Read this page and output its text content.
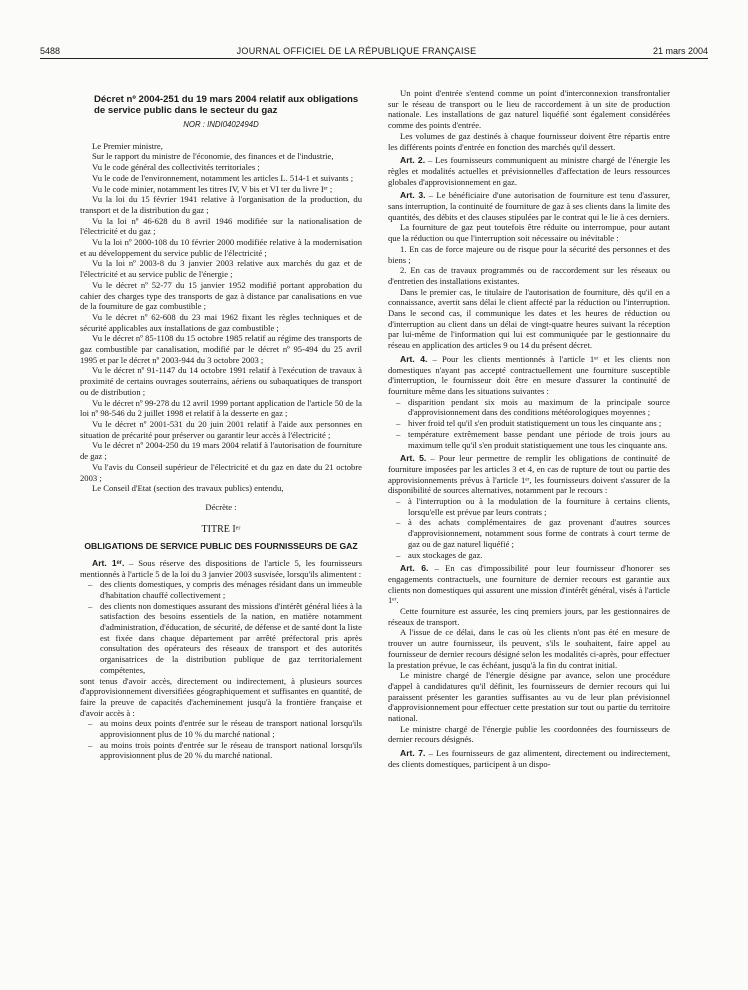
5488	JOURNAL OFFICIEL DE LA RÉPUBLIQUE FRANÇAISE	21 mars 2004

Décret nº 2004-251 du 19 mars 2004 relatif aux obligations de service public dans le secteur du gaz

NOR : INDI0402494D

Le Premier ministre,

Sur le rapport du ministre de l'économie, des finances et de l'industrie,

Vu le code général des collectivités territoriales ;

Vu le code de l'environnement, notamment les articles L. 514-1 et suivants ;

Vu le code minier, notamment les titres IV, V bis et VI ter du livre Iᵉʳ ;

Vu la loi du 15 février 1941 relative à l'organisation de la production, du transport et de la distribution du gaz ;

Vu la loi nº 46-628 du 8 avril 1946 modifiée sur la nationalisation de l'électricité et du gaz ;

Vu la loi nº 2000-108 du 10 février 2000 modifiée relative à la modernisation et au développement du service public de l'électricité ;

Vu la loi nº 2003-8 du 3 janvier 2003 relative aux marchés du gaz et de l'électricité et au service public de l'énergie ;

Vu le décret nº 52-77 du 15 janvier 1952 modifié portant approbation du cahier des charges type des transports de gaz à distance par canalisations en vue de la fourniture de gaz combustible ;

Vu le décret nº 62-608 du 23 mai 1962 fixant les règles techniques et de sécurité applicables aux installations de gaz combustible ;

Vu le décret nº 85-1108 du 15 octobre 1985 relatif au régime des transports de gaz combustible par canalisation, modifié par le décret nº 95-494 du 25 avril 1995 et par le décret nº 2003-944 du 3 octobre 2003 ;

Vu le décret nº 91-1147 du 14 octobre 1991 relatif à l'exécution de travaux à proximité de certains ouvrages souterrains, aériens ou subaquatiques de transport ou de distribution ;

Vu le décret nº 99-278 du 12 avril 1999 portant application de l'article 50 de la loi nº 98-546 du 2 juillet 1998 et relatif à la desserte en gaz ;

Vu le décret nº 2001-531 du 20 juin 2001 relatif à l'aide aux personnes en situation de précarité pour préserver ou garantir leur accès à l'électricité ;

Vu le décret nº 2004-250 du 19 mars 2004 relatif à l'autorisation de fourniture de gaz ;

Vu l'avis du Conseil supérieur de l'électricité et du gaz en date du 21 octobre 2003 ;

Le Conseil d'Etat (section des travaux publics) entendu,

Décrète :

TITRE Iᵉʳ

OBLIGATIONS DE SERVICE PUBLIC DES FOURNISSEURS DE GAZ

Art. 1ᵉʳ. – Sous réserve des dispositions de l'article 5, les fournisseurs mentionnés à l'article 5 de la loi du 3 janvier 2003 susvisée, lorsqu'ils alimentent :

– des clients domestiques, y compris des ménages résidant dans un immeuble d'habitation chauffé collectivement ;
– des clients non domestiques assurant des missions d'intérêt général liées à la satisfaction des besoins essentiels de la nation, en matière notamment d'administration, d'éducation, de sécurité, de défense et de santé dont la liste est fixée dans chaque département par arrêté préfectoral pris après consultation des opérateurs des réseaux de transport et des autorités organisatrices de la distribution publique de gaz territorialement compétentes,

sont tenus d'avoir accès, directement ou indirectement, à plusieurs sources d'approvisionnement diversifiées géographiquement et suffisantes en quantité, de faire la preuve de capacités d'acheminement jusqu'à la frontière française et d'avoir accès à :

– au moins deux points d'entrée sur le réseau de transport national lorsqu'ils approvisionnent plus de 10 % du marché national ;
– au moins trois points d'entrée sur le réseau de transport national lorsqu'ils approvisionnent plus de 20 % du marché national.

Un point d'entrée s'entend comme un point d'interconnexion transfrontalier sur le réseau de transport ou le lieu de raccordement à un site de production nationale. Les installations de gaz naturel liquéfié sont également considérées comme des points d'entrée.

Les volumes de gaz destinés à chaque fournisseur doivent être répartis entre les différents points d'entrée en fonction des marchés qu'il dessert.

Art. 2. – Les fournisseurs communiquent au ministre chargé de l'énergie les règles et modalités actuelles et prévisionnelles d'affectation de leurs ressources globales d'approvisionnement en gaz.

Art. 3. – Le bénéficiaire d'une autorisation de fourniture est tenu d'assurer, sans interruption, la continuité de fourniture de gaz à ses clients dans la limite des quantités, des débits et des clauses stipulées par le contrat qui le lie à ces derniers.

La fourniture de gaz peut toutefois être réduite ou interrompue, pour autant que la réduction ou que l'interruption soit nécessaire ou inévitable :

1. En cas de force majeure ou de risque pour la sécurité des personnes et des biens ;

2. En cas de travaux programmés ou de raccordement sur les réseaux ou d'entretien des installations existantes.

Dans le premier cas, le titulaire de l'autorisation de fourniture, dès qu'il en a connaissance, avertit sans délai le client affecté par la réduction ou l'interruption. Dans le second cas, il communique les dates et les heures de réduction ou d'interruption au client dans un délai de vingt-quatre heures suivant la réception par lui-même de l'information qui lui est communiquée par le gestionnaire du réseau en application des articles 9 ou 14 du présent décret.

Art. 4. – Pour les clients mentionnés à l'article 1ᵉʳ et les clients non domestiques n'ayant pas accepté contractuellement une fourniture susceptible d'interruption, le fournisseur doit être en mesure d'assurer la continuité de fourniture même dans les situations suivantes :

– disparition pendant six mois au maximum de la principale source d'approvisionnement dans des conditions météorologiques moyennes ;
– hiver froid tel qu'il s'en produit statistiquement un tous les cinquante ans ;
– température extrêmement basse pendant une période de trois jours au maximum telle qu'il s'en produit statistiquement une tous les cinquante ans.

Art. 5. – Pour leur permettre de remplir les obligations de continuité de fourniture imposées par les articles 3 et 4, en cas de rupture de tout ou partie des approvisionnements prévus à l'article 1ᵉʳ, les fournisseurs doivent s'assurer de la disponibilité de sources alternatives, notamment par le recours :

– à l'interruption ou à la modulation de la fourniture à certains clients, lorsqu'elle est prévue par leurs contrats ;
– à des achats complémentaires de gaz provenant d'autres sources d'approvisionnement, notamment sous forme de contrats à court terme de gaz ou de gaz naturel liquéfié ;
– aux stockages de gaz.

Art. 6. – En cas d'impossibilité pour leur fournisseur d'honorer ses engagements contractuels, une fourniture de dernier recours est garantie aux clients non domestiques qui assurent une mission d'intérêt général, visés à l'article 1ᵉʳ.

Cette fourniture est assurée, les cinq premiers jours, par les gestionnaires de réseaux de transport.

A l'issue de ce délai, dans le cas où les clients n'ont pas été en mesure de trouver un autre fournisseur, ils peuvent, s'ils le souhaitent, faire appel au fournisseur de dernier recours désigné selon les modalités ci-après, pour effectuer la prestation prévue, le cas échéant, jusqu'à la fin du contrat initial.

Le ministre chargé de l'énergie désigne par avance, selon une procédure d'appel à candidatures qu'il définit, les fournisseurs de dernier recours qui lui paraissent présenter les garanties suffisantes au vu de leur plan prévisionnel d'approvisionnement pour effectuer cette prestation sur tout ou partie du territoire national.

Le ministre chargé de l'énergie publie les coordonnées des fournisseurs de dernier recours désignés.

Art. 7. – Les fournisseurs de gaz alimentent, directement ou indirectement, des clients domestiques, participent à un dispo-
